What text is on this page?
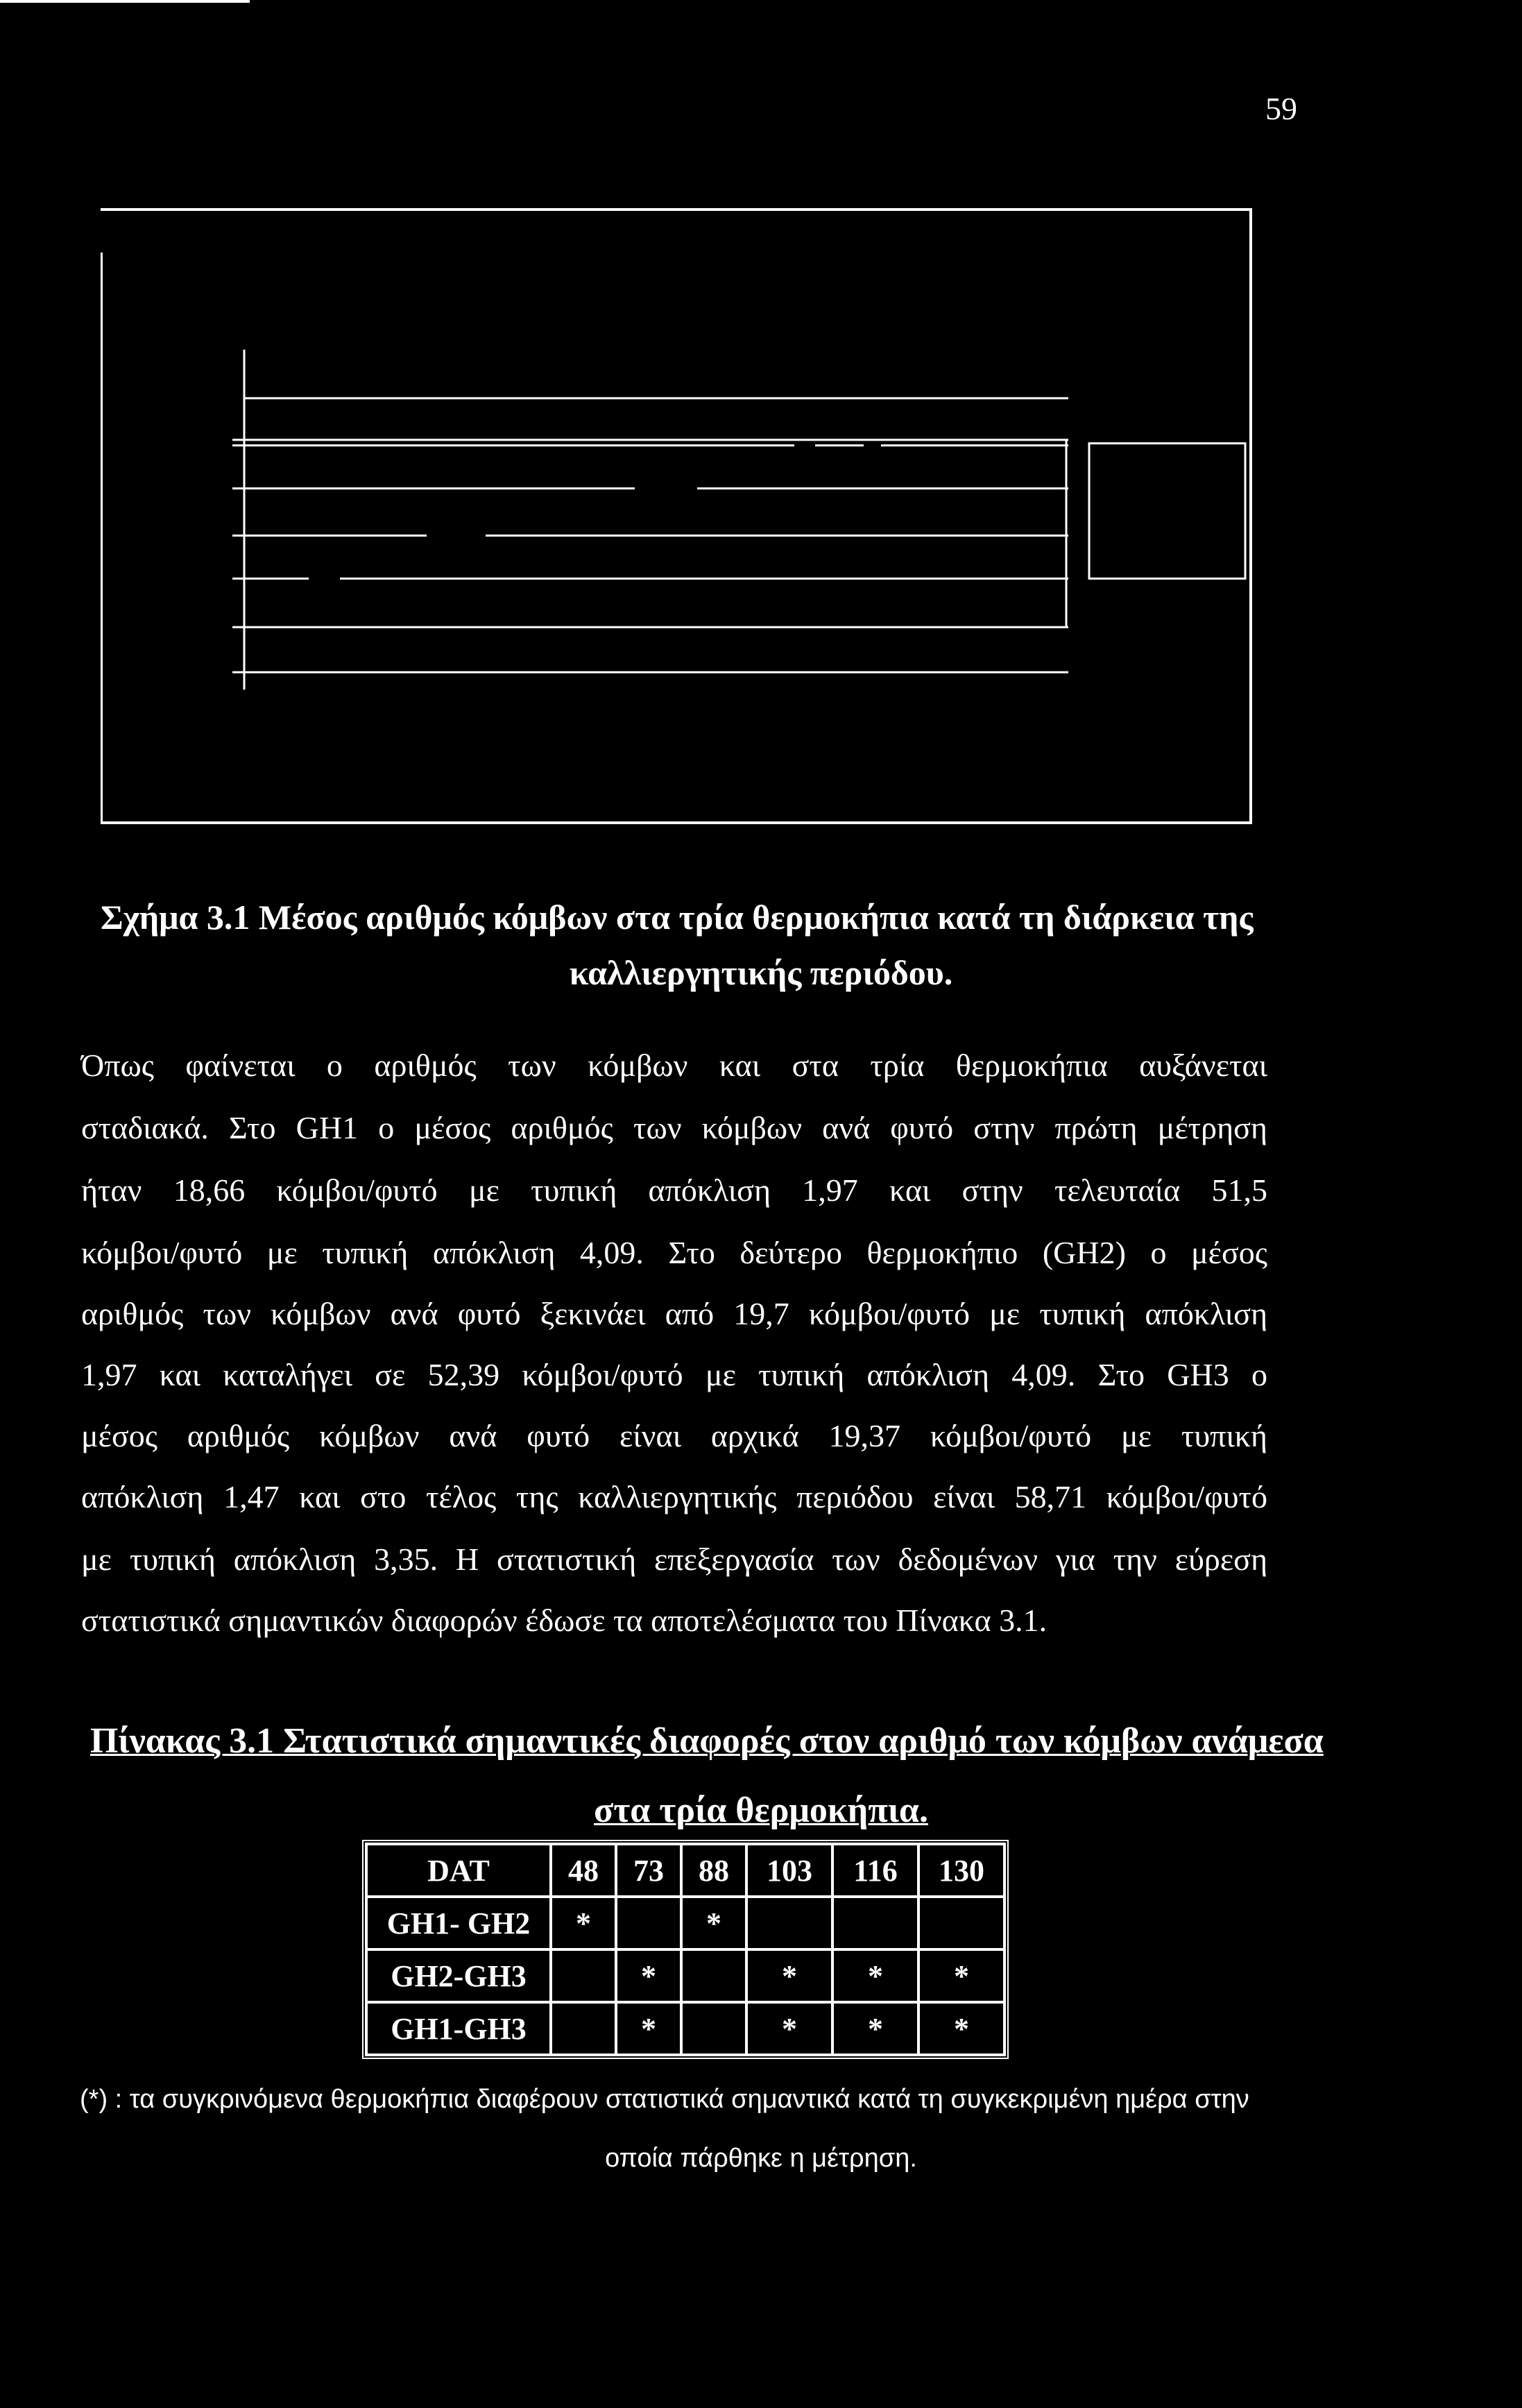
59
Σχήμα 3.1 Μέσος αριθμός κόμβων στα τρία θερμοκήπια κατά τη διάρκεια της
καλλιεργητικής περιόδου.
Όπως φαίνεται ο αριθμός των κόμβων και στα τρία θερμοκήπια αυξάνεται
σταδιακά. Στο GH1 ο μέσος αριθμός των κόμβων ανά φυτό στην πρώτη μέτρηση
ήταν 18,66 κόμβοι/φυτό με τυπική απόκλιση 1,97 και στην τελευταία 51,5
κόμβοι/φυτό με τυπική απόκλιση 4,09. Στο δεύτερο θερμοκήπιο (GH2) ο μέσος
αριθμός των κόμβων ανά φυτό ξεκινάει από 19,7 κόμβοι/φυτό με τυπική απόκλιση
1,97 και καταλήγει σε 52,39 κόμβοι/φυτό με τυπική απόκλιση 4,09. Στο GH3 ο
μέσος αριθμός κόμβων ανά φυτό είναι αρχικά 19,37 κόμβοι/φυτό με τυπική
απόκλιση 1,47 και στο τέλος της καλλιεργητικής περιόδου είναι 58,71 κόμβοι/φυτό
με τυπική απόκλιση 3,35. Η στατιστική επεξεργασία των δεδομένων για την εύρεση
στατιστικά σημαντικών διαφορών έδωσε τα αποτελέσματα του Πίνακα 3.1.
Πίνακας 3.1 Στατιστικά σημαντικές διαφορές στον αριθμό των κόμβων ανάμεσα
στα τρία θερμοκήπια.
DAT	48	73	88	103	116	130
GH1- GH2	*		*			
GH2-GH3		*		*	*	*
GH1-GH3		*		*	*	*
(*) : τα συγκρινόμενα θερμοκήπια διαφέρουν στατιστικά σημαντικά κατά τη συγκεκριμένη ημέρα στην
οποία πάρθηκε η μέτρηση.
